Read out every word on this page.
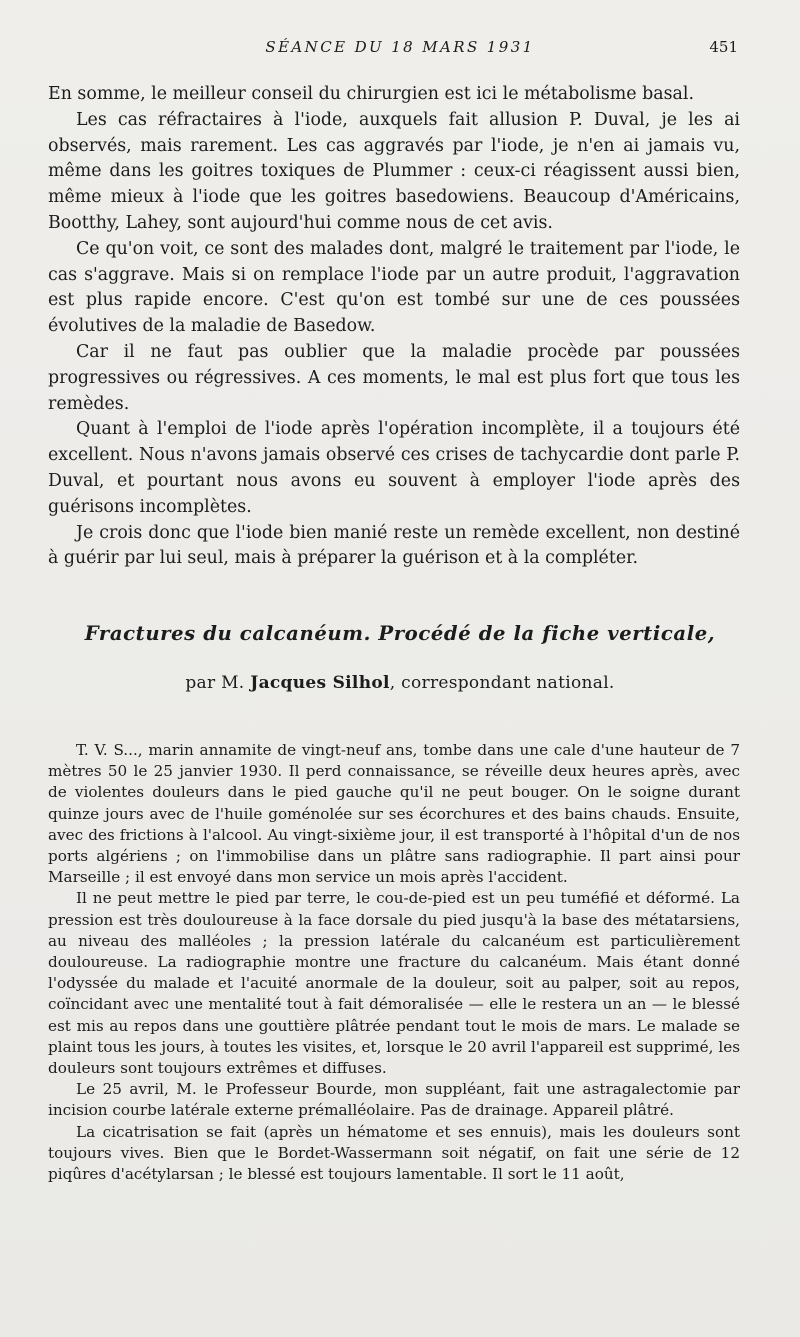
SÉANCE DU 18 MARS 1931	451

En somme, le meilleur conseil du chirurgien est ici le métabolisme basal.

Les cas réfractaires à l'iode, auxquels fait allusion P. Duval, je les ai observés, mais rarement. Les cas aggravés par l'iode, je n'en ai jamais vu, même dans les goitres toxiques de Plummer : ceux-ci réagissent aussi bien, même mieux à l'iode que les goitres basedowiens. Beaucoup d'Américains, Bootthy, Lahey, sont aujourd'hui comme nous de cet avis.

Ce qu'on voit, ce sont des malades dont, malgré le traitement par l'iode, le cas s'aggrave. Mais si on remplace l'iode par un autre produit, l'aggravation est plus rapide encore. C'est qu'on est tombé sur une de ces poussées évolutives de la maladie de Basedow.

Car il ne faut pas oublier que la maladie procède par poussées progressives ou régressives. A ces moments, le mal est plus fort que tous les remèdes.

Quant à l'emploi de l'iode après l'opération incomplète, il a toujours été excellent. Nous n'avons jamais observé ces crises de tachycardie dont parle P. Duval, et pourtant nous avons eu souvent à employer l'iode après des guérisons incomplètes.

Je crois donc que l'iode bien manié reste un remède excellent, non destiné à guérir par lui seul, mais à préparer la guérison et à la compléter.

Fractures du calcanéum. Procédé de la fiche verticale,
par M. Jacques Silhol, correspondant national.

T. V. S..., marin annamite de vingt-neuf ans, tombe dans une cale d'une hauteur de 7 mètres 50 le 25 janvier 1930. Il perd connaissance, se réveille deux heures après, avec de violentes douleurs dans le pied gauche qu'il ne peut bouger. On le soigne durant quinze jours avec de l'huile goménolée sur ses écorchures et des bains chauds. Ensuite, avec des frictions à l'alcool. Au vingt-sixième jour, il est transporté à l'hôpital d'un de nos ports algériens ; on l'immobilise dans un plâtre sans radiographie. Il part ainsi pour Marseille ; il est envoyé dans mon service un mois après l'accident.

Il ne peut mettre le pied par terre, le cou-de-pied est un peu tuméfié et déformé. La pression est très douloureuse à la face dorsale du pied jusqu'à la base des métatarsiens, au niveau des malléoles ; la pression latérale du calcanéum est particulièrement douloureuse. La radiographie montre une fracture du calcanéum. Mais étant donné l'odyssée du malade et l'acuité anormale de la douleur, soit au palper, soit au repos, coïncidant avec une mentalité tout à fait démoralisée — elle le restera un an — le blessé est mis au repos dans une gouttière plâtrée pendant tout le mois de mars. Le malade se plaint tous les jours, à toutes les visites, et, lorsque le 20 avril l'appareil est supprimé, les douleurs sont toujours extrêmes et diffuses.

Le 25 avril, M. le Professeur Bourde, mon suppléant, fait une astragalectomie par incision courbe latérale externe prémalléolaire. Pas de drainage. Appareil plâtré.

La cicatrisation se fait (après un hématome et ses ennuis), mais les douleurs sont toujours vives. Bien que le Bordet-Wassermann soit négatif, on fait une série de 12 piqûres d'acétylarsan ; le blessé est toujours lamentable. Il sort le 11 août,
